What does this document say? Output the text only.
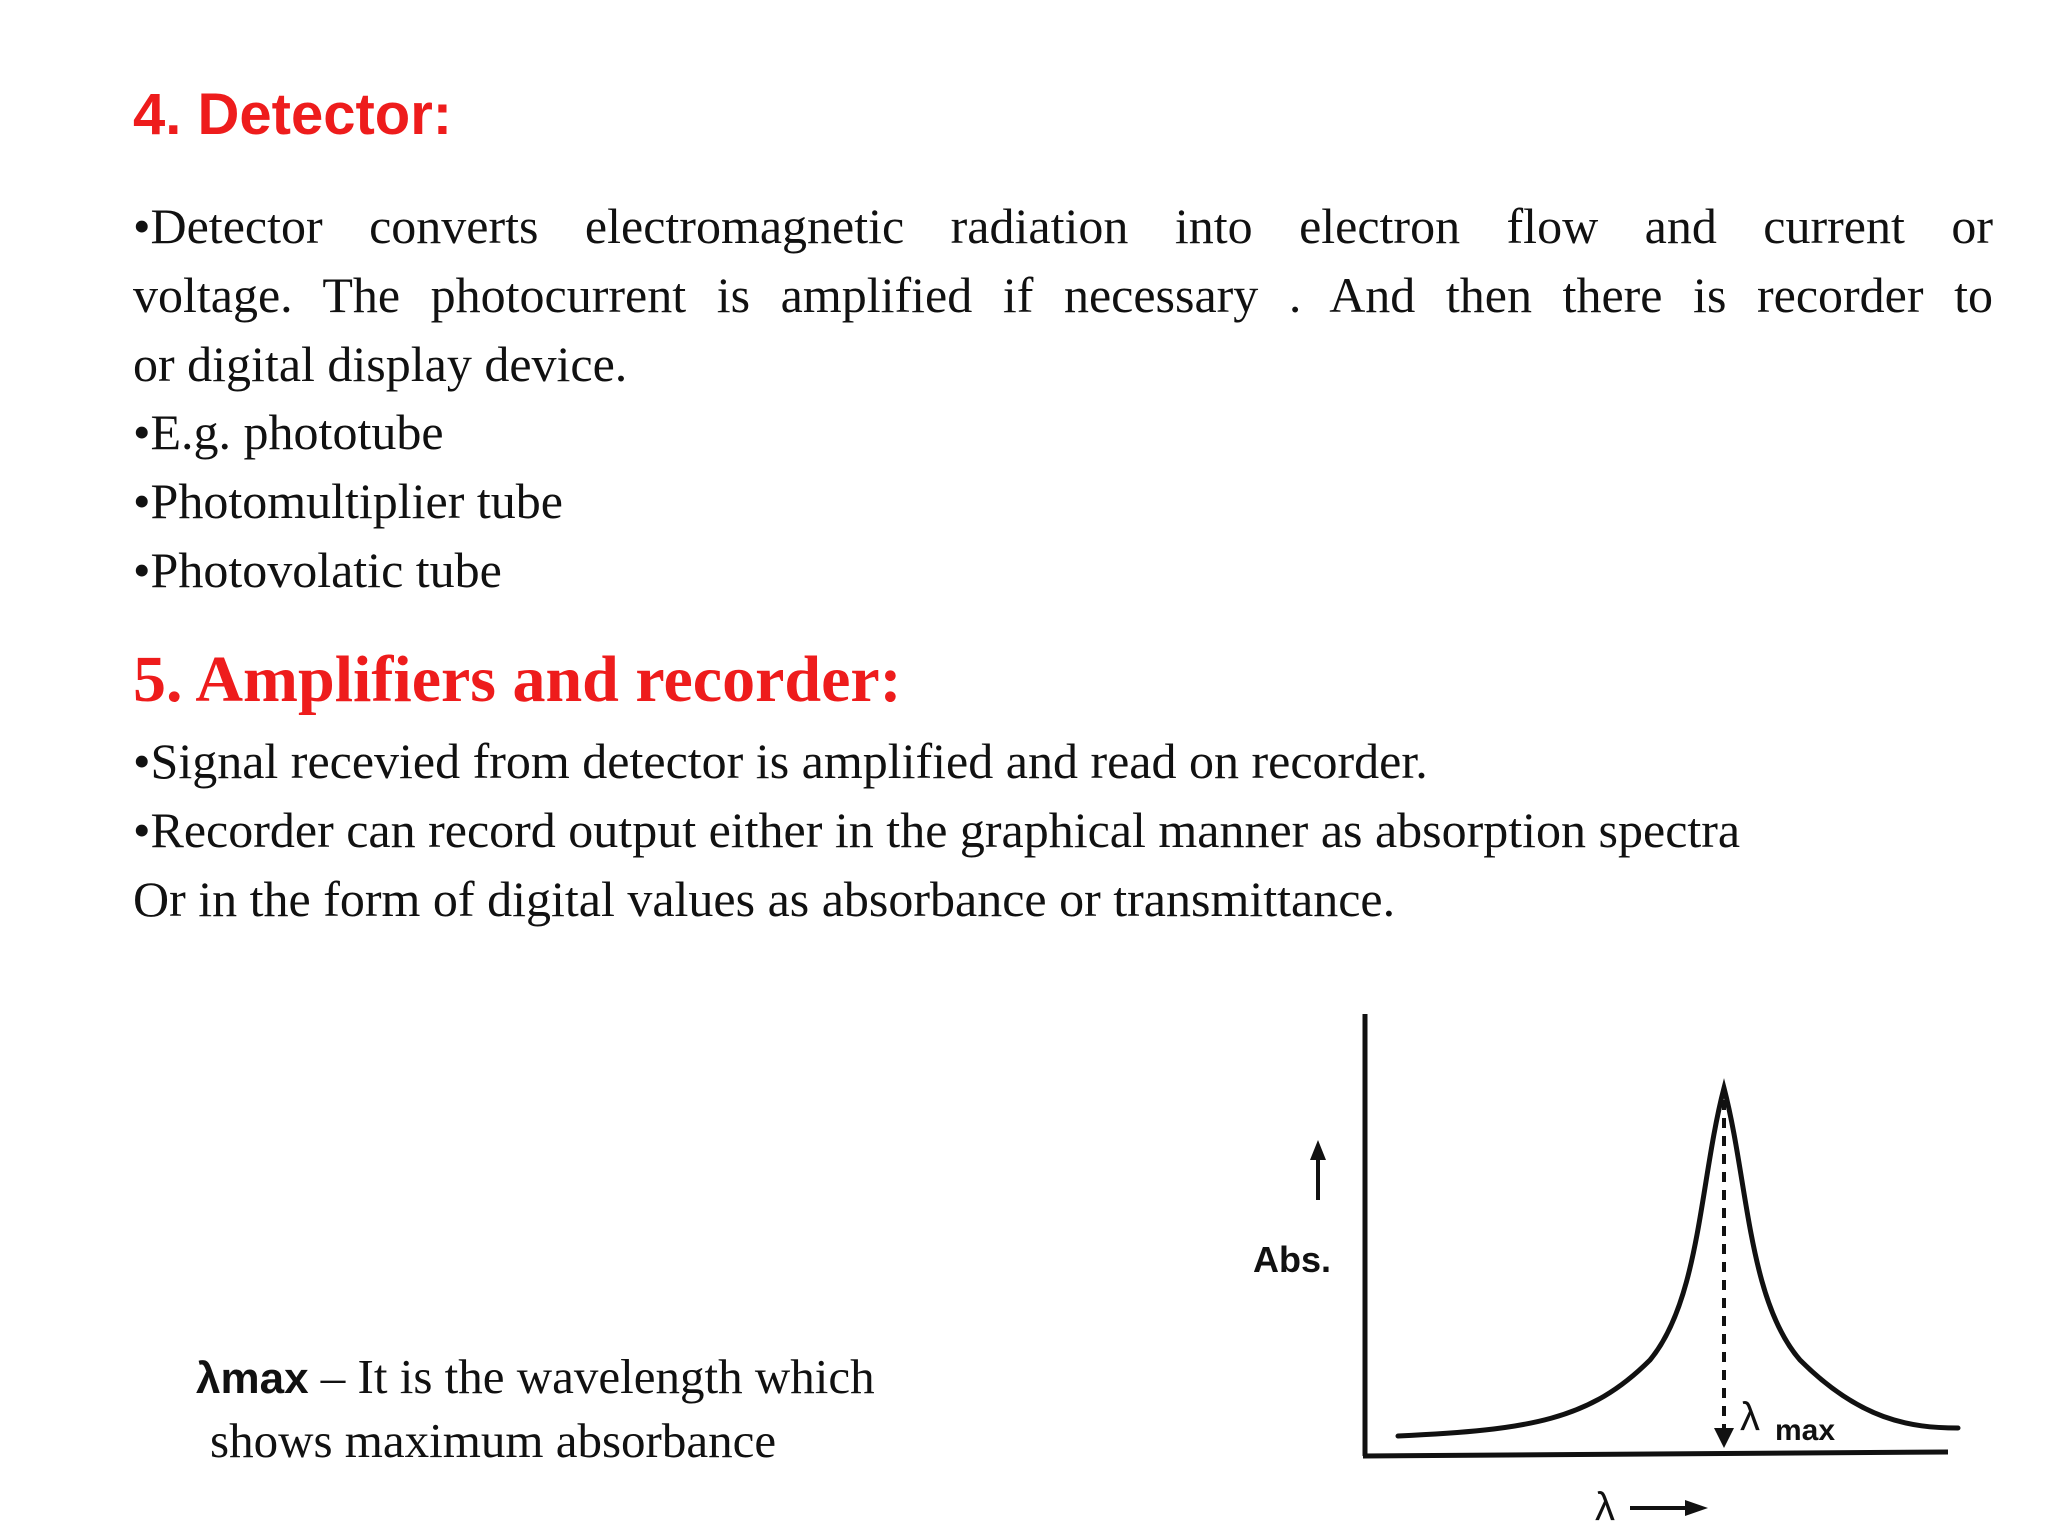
4. Detector:
•Detector converts electromagnetic radiation into electron flow and current or
voltage. The photocurrent is amplified if necessary . And then there is recorder to
or digital display device.
•E.g. phototube
•Photomultiplier tube
•Photovolatic tube
5. Amplifiers and recorder:
•Signal recevied from detector is amplified and read on recorder.
•Recorder can record output either in the graphical manner as absorption spectra
Or in the form of digital values as absorbance or transmittance.
λmax – It is the wavelength which
shows maximum absorbance
Abs.
λ max
λ
